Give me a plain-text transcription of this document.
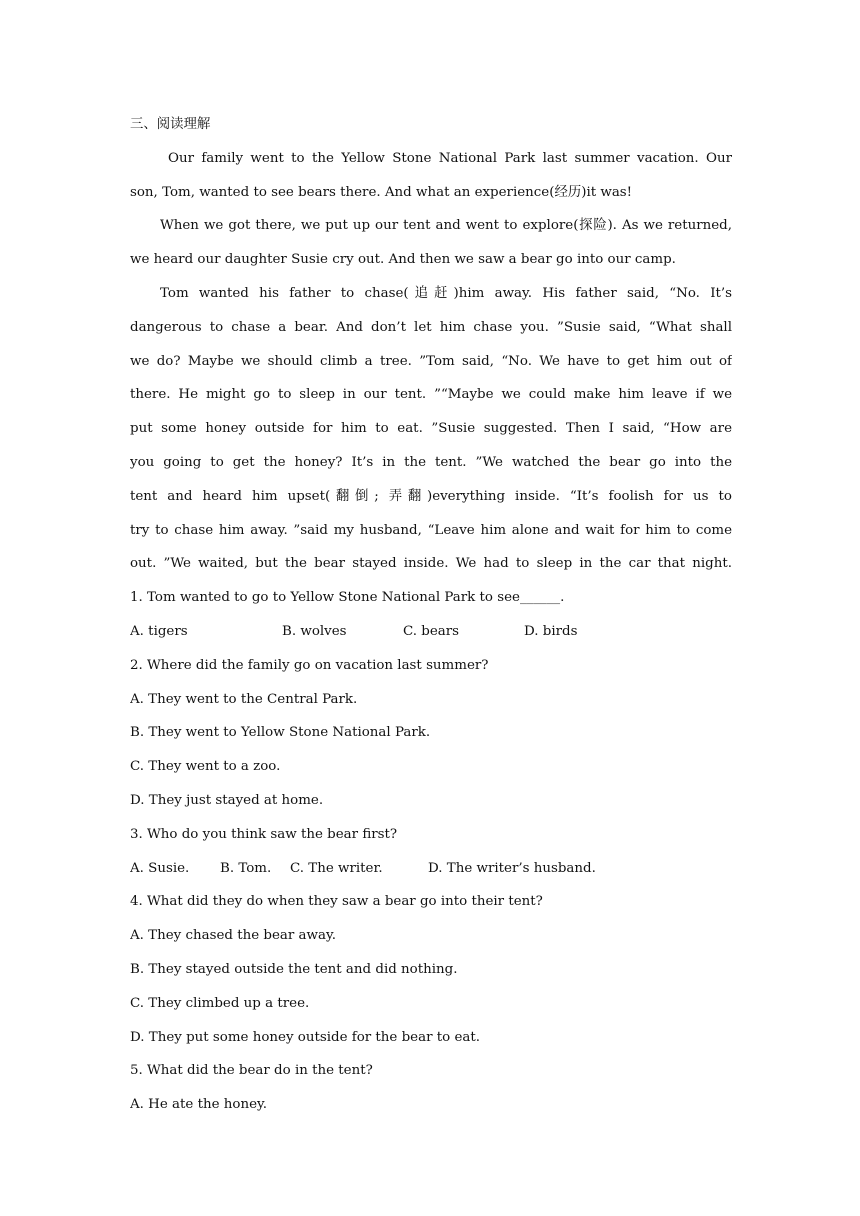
三、阅读理解
Our family went to the Yellow Stone National Park last summer vacation. Our
son, Tom, wanted to see bears there. And what an experience(经历)it was!
When we got there, we put up our tent and went to explore(探险). As we returned,
we heard our daughter Susie cry out. And then we saw a bear go into our camp.
Tom wanted his father to chase(追赶)him away. His father said, “No. It’s
dangerous to chase a bear. And don’t let him chase you. ”Susie said, “What shall
we do? Maybe we should climb a tree. ”Tom said, “No. We have to get him out of
there. He might go to sleep in our tent. ”“Maybe we could make him leave if we
put some honey outside for him to eat. ”Susie suggested. Then I said, “How are
you going to get the honey? It’s in the tent. ”We watched the bear go into the
tent and heard him upset(翻倒; 弄翻)everything inside. “It’s foolish for us to
try to chase him away. ”said my husband, “Leave him alone and wait for him to come
out. ”We waited, but the bear stayed inside. We had to sleep in the car that night.
1. Tom wanted to go to Yellow Stone National Park to see______.
A. tigers	B. wolves	C. bears	D. birds
2. Where did the family go on vacation last summer?
A. They went to the Central Park.
B. They went to Yellow Stone National Park.
C. They went to a zoo.
D. They just stayed at home.
3. Who do you think saw the bear first?
A. Susie.	B. Tom.	C. The writer.	D. The writer’s husband.
4. What did they do when they saw a bear go into their tent?
A. They chased the bear away.
B. They stayed outside the tent and did nothing.
C. They climbed up a tree.
D. They put some honey outside for the bear to eat.
5. What did the bear do in the tent?
A. He ate the honey.
